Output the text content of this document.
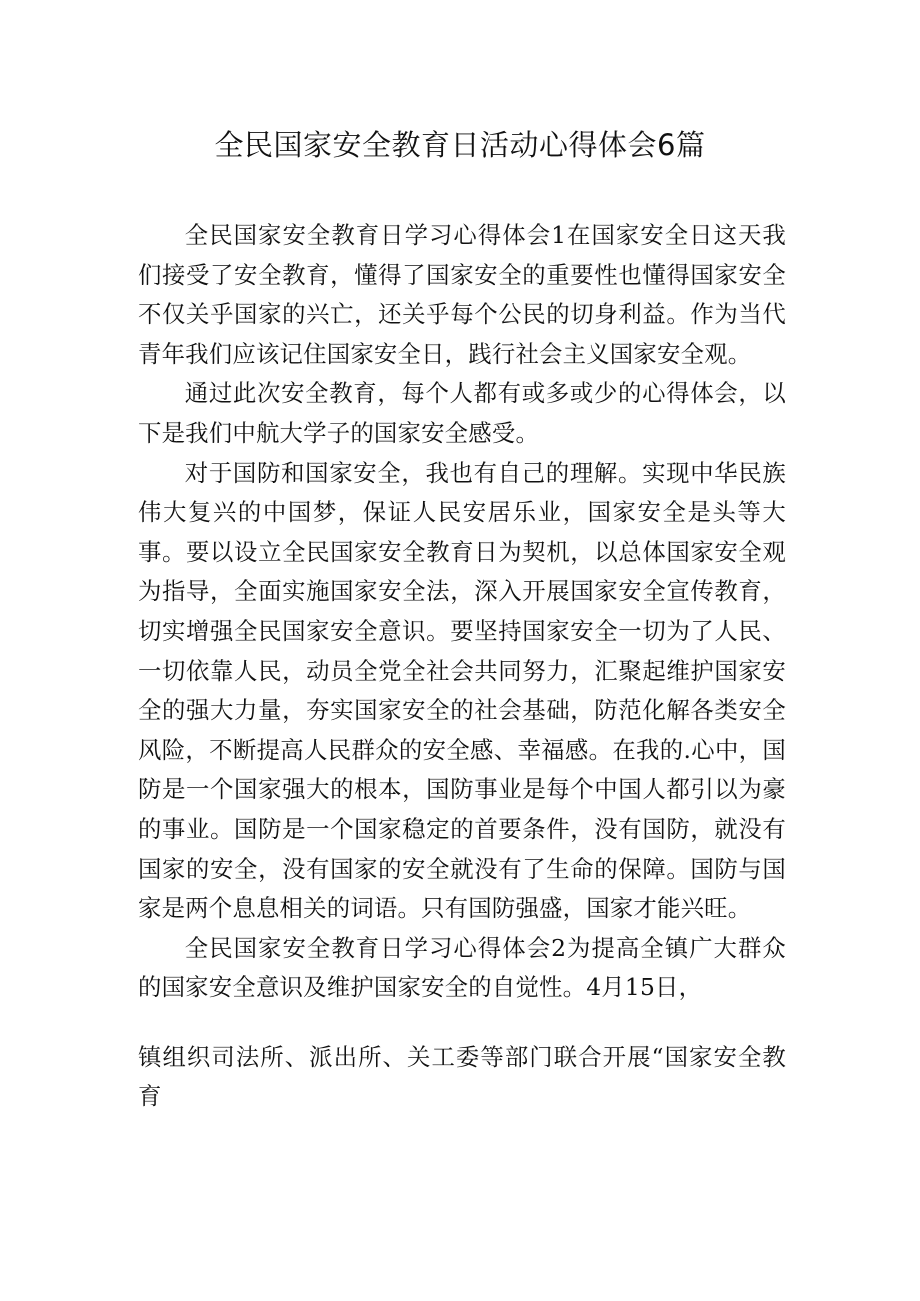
全民国家安全教育日活动心得体会6篇

全民国家安全教育日学习心得体会1在国家安全日这天我们接受了安全教育，懂得了国家安全的重要性也懂得国家安全不仅关乎国家的兴亡，还关乎每个公民的切身利益。作为当代青年我们应该记住国家安全日，践行社会主义国家安全观。

通过此次安全教育，每个人都有或多或少的心得体会，以下是我们中航大学子的国家安全感受。

对于国防和国家安全，我也有自己的理解。实现中华民族伟大复兴的中国梦，保证人民安居乐业，国家安全是头等大事。要以设立全民国家安全教育日为契机，以总体国家安全观为指导，全面实施国家安全法，深入开展国家安全宣传教育，切实增强全民国家安全意识。要坚持国家安全一切为了人民、一切依靠人民，动员全党全社会共同努力，汇聚起维护国家安全的强大力量，夯实国家安全的社会基础，防范化解各类安全风险，不断提高人民群众的安全感、幸福感。在我的.心中，国防是一个国家强大的根本，国防事业是每个中国人都引以为豪的事业。国防是一个国家稳定的首要条件，没有国防，就没有国家的安全，没有国家的安全就没有了生命的保障。国防与国家是两个息息相关的词语。只有国防强盛，国家才能兴旺。

全民国家安全教育日学习心得体会2为提高全镇广大群众的国家安全意识及维护国家安全的自觉性。4月15日，

镇组织司法所、派出所、关工委等部门联合开展“国家安全教育
